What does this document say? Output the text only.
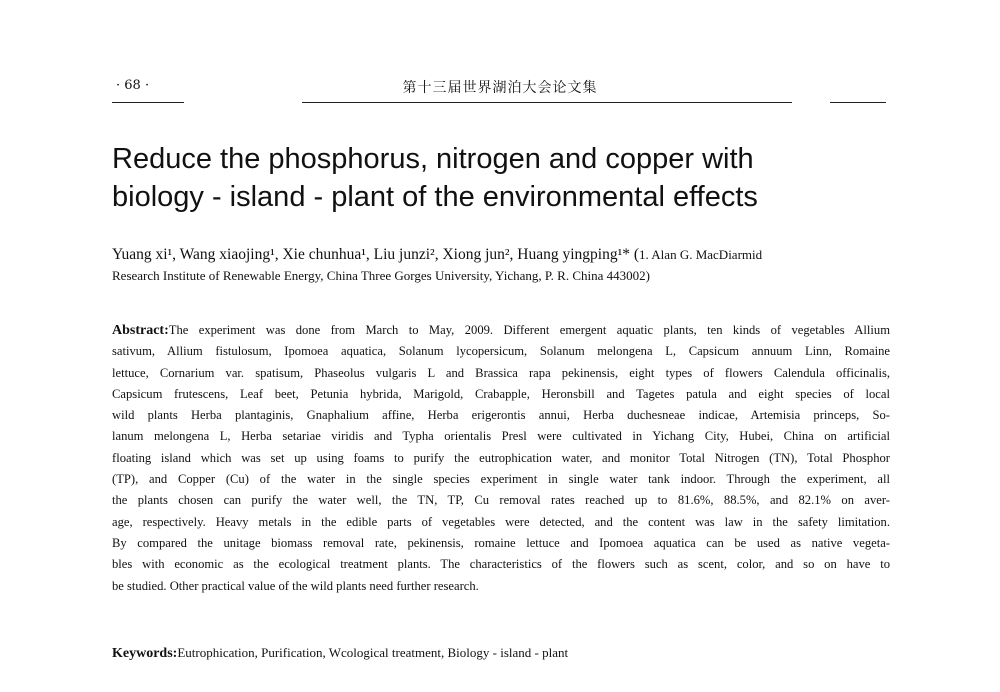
· 68 ·	第十三届世界湖泊大会论文集
Reduce the phosphorus, nitrogen and copper with
biology - island - plant of the environmental effects
Yuang xi¹, Wang xiaojing¹, Xie chunhua¹, Liu junzi², Xiong jun², Huang yingping¹* (1. Alan G. MacDiarmid
Research Institute of Renewable Energy, China Three Gorges University, Yichang, P. R. China 443002)
Abstract:The experiment was done from March to May, 2009. Different emergent aquatic plants, ten kinds of vegetables Allium
sativum, Allium fistulosum, Ipomoea aquatica, Solanum lycopersicum, Solanum melongena L, Capsicum annuum Linn, Romaine
lettuce, Cornarium var. spatisum, Phaseolus vulgaris L and Brassica rapa pekinensis, eight types of flowers Calendula officinalis,
Capsicum frutescens, Leaf beet, Petunia hybrida, Marigold, Crabapple, Heronsbill and Tagetes patula and eight species of local
wild plants Herba plantaginis, Gnaphalium affine, Herba erigerontis annui, Herba duchesneae indicae, Artemisia princeps, So-
lanum melongena L, Herba setariae viridis and Typha orientalis Presl were cultivated in Yichang City, Hubei, China on artificial
floating island which was set up using foams to purify the eutrophication water, and monitor Total Nitrogen (TN), Total Phosphor
(TP), and Copper (Cu) of the water in the single species experiment in single water tank indoor. Through the experiment, all
the plants chosen can purify the water well, the TN, TP, Cu removal rates reached up to 81.6%, 88.5%, and 82.1% on aver-
age, respectively. Heavy metals in the edible parts of vegetables were detected, and the content was law in the safety limitation.
By compared the unitage biomass removal rate, pekinensis, romaine lettuce and Ipomoea aquatica can be used as native vegeta-
bles with economic as the ecological treatment plants. The characteristics of the flowers such as scent, color, and so on have to
be studied. Other practical value of the wild plants need further research.
Keywords:Eutrophication, Purification, Wcological treatment, Biology - island - plant
